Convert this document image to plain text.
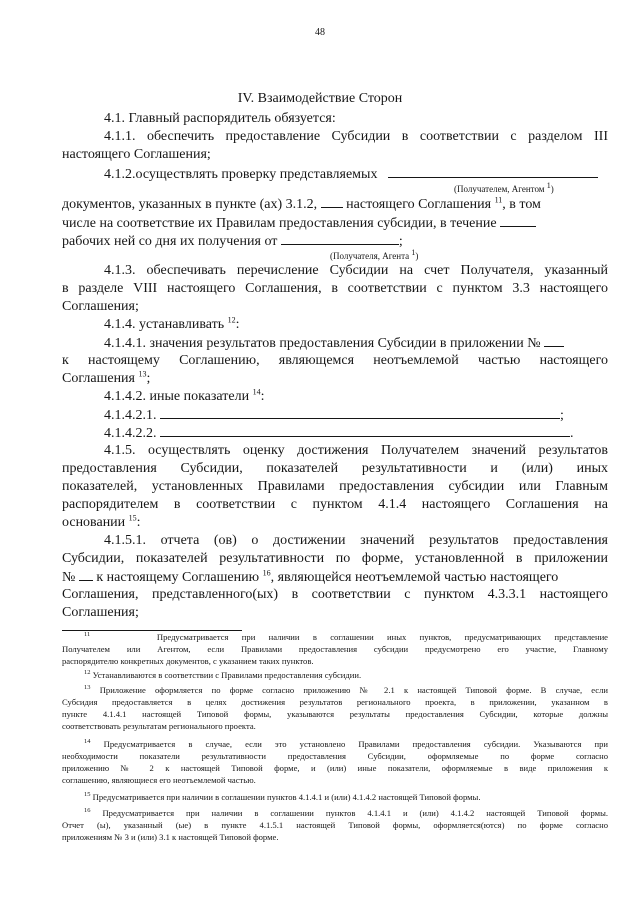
48
IV. Взаимодействие Сторон
4.1. Главный распорядитель обязуется:
4.1.1. обеспечить предоставление Субсидии в соответствии с разделом III
настоящего Соглашения;
4.1.2.осуществлять проверку представляемых
(Получателем, Агентом $^1$)
документов, указанных в пункте (ах) 3.1.2, настоящего Соглашения $^{11}$, в том
числе на соответствие их Правилам предоставления субсидии, в течение
рабочих ней со дня их получения от	;
(Получателя, Агента $^1$)
4.1.3. обеспечивать перечисление Субсидии на счет Получателя, указанный
в разделе VIII настоящего Соглашения, в соответствии с пунктом 3.3 настоящего
Соглашения;
4.1.4. устанавливать $^{12}$:
4.1.4.1. значения результатов предоставления Субсидии в приложении №
к настоящему Соглашению, являющемся неотъемлемой частью настоящего
Соглашения $^{13}$;
4.1.4.2. иные показатели $^{14}$:
4.1.4.2.1.	;
4.1.4.2.2.	.
4.1.5. осуществлять оценку достижения Получателем значений результатов
предоставления Субсидии, показателей результативности и (или) иных
показателей, установленных Правилами предоставления субсидии или Главным
распорядителем в соответствии с пунктом 4.1.4 настоящего Соглашения на
основании $^{15}$:
4.1.5.1. отчета (ов) о достижении значений результатов предоставления
Субсидии, показателей результативности по форме, установленной в приложении
№ к настоящему Соглашению $^{16}$, являющейся неотъемлемой частью настоящего
Соглашения, представленного(ых) в соответствии с пунктом 4.3.3.1 настоящего
Соглашения;
$^{11}$	Предусматривается при наличии в соглашении иных пунктов, предусматривающих представление
Получателем или Агентом, если Правилами предоставления субсидии предусмотрено его участие, Главному
распорядителю конкретных документов, с указанием таких пунктов.
$^{12}$ Устанавливаются в соответствии с Правилами предоставления субсидии.
$^{13}$ Приложение оформляется по форме согласно приложению № 2.1 к настоящей Типовой форме. В случае, если
Субсидия предоставляется в целях достижения результатов регионального проекта, в приложении, указанном в
пункте 4.1.4.1 настоящей Типовой формы, указываются результаты предоставления Субсидии, которые должны
соответствовать результатам регионального проекта.
$^{14}$ Предусматривается в случае, если это установлено Правилами предоставления субсидии. Указываются при
необходимости показатели результативности предоставления Субсидии, оформляемые по форме согласно
приложению № 2 к настоящей Типовой форме, и (или) иные показатели, оформляемые в виде приложения к
соглашению, являющиеся его неотъемлемой частью.
$^{15}$ Предусматривается при наличии в соглашении пунктов 4.1.4.1 и (или) 4.1.4.2 настоящей Типовой формы.
$^{16}$ Предусматривается при наличии в соглашении пунктов 4.1.4.1 и (или) 4.1.4.2 настоящей Типовой формы.
Отчет (ы), указанный (ые) в пункте 4.1.5.1 настоящей Типовой формы, оформляется(ются) по форме согласно
приложениям № 3 и (или) 3.1 к настоящей Типовой форме.
